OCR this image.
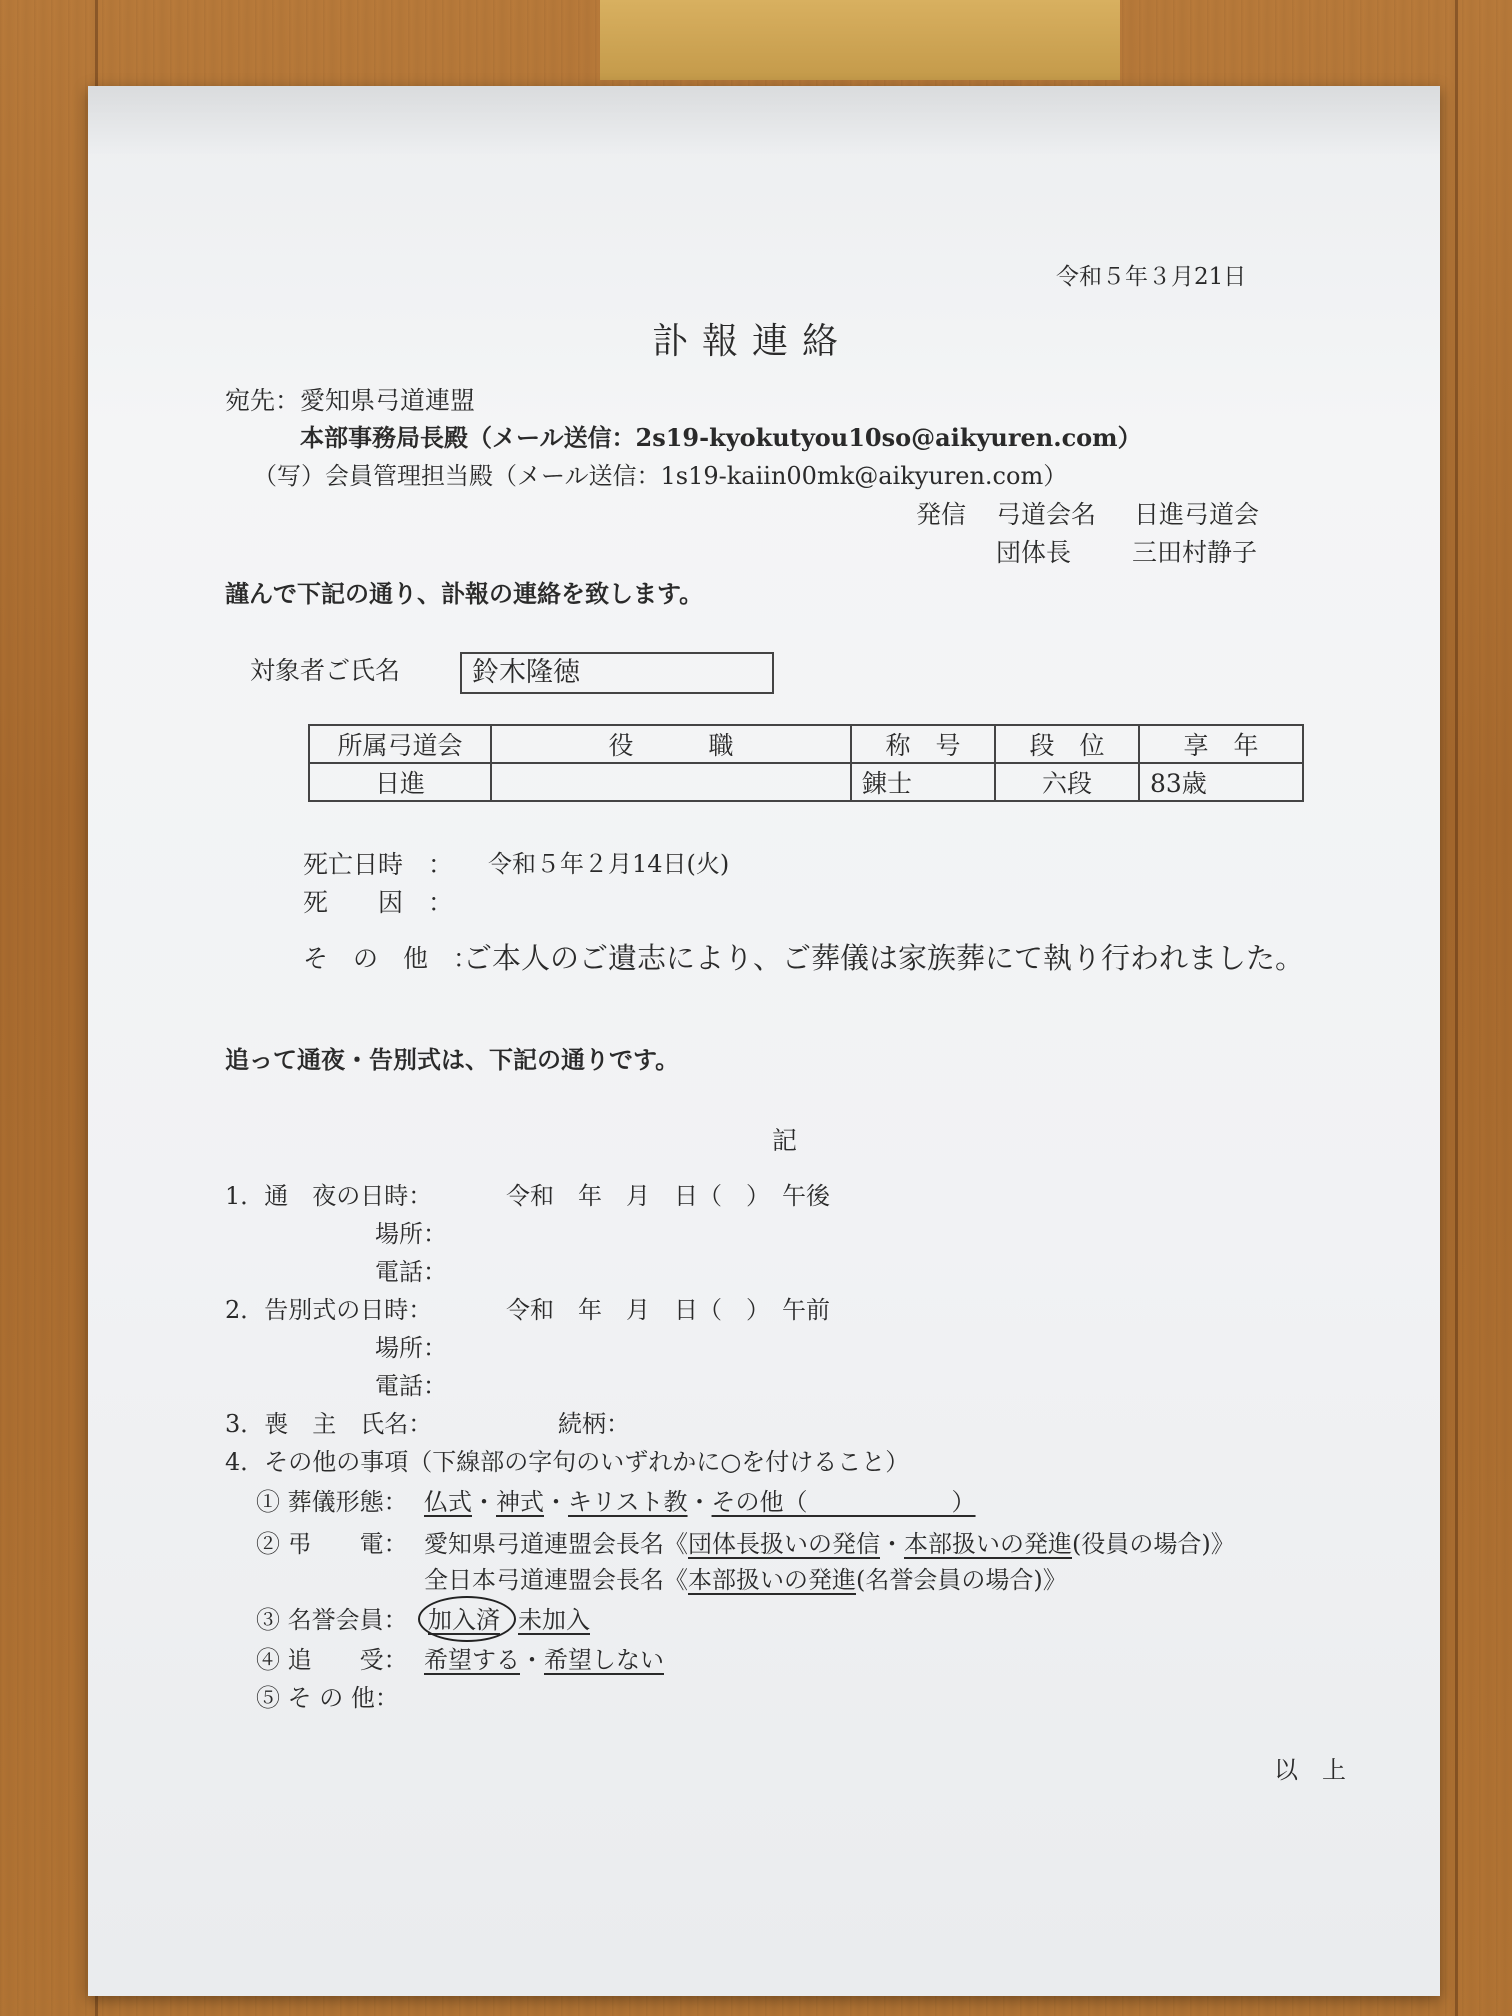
令和５年３月21日
訃報連絡
宛先：愛知県弓道連盟
本部事務局長殿（メール送信：2s19-kyokutyou10so@aikyuren.com）
（写）会員管理担当殿（メール送信：1s19-kaiin00mk@aikyuren.com）
発信 弓道会名 日進弓道会
団体長 三田村静子
謹んで下記の通り、訃報の連絡を致します。
対象者ご氏名	鈴木隆徳
所属弓道会	役　　　職	称　号	段　位	享　年
日進		錬士	六段	83歳
死亡日時　： 令和５年２月14日(火)
死　　因　：
そ　の　他　：
ご本人のご遺志により、ご葬儀は家族葬にて執り行われました。
追って通夜・告別式は、下記の通りです。
記
1．通　夜の日時：	令和　年　月　日（　）　午後
場所：
電話：
2．告別式の日時：	令和　年　月　日（　）　午前
場所：
電話：
3．喪　主　氏名：	続柄：
4．その他の事項（下線部の字句のいずれかに○を付けること）
① 葬儀形態： 仏式・神式・キリスト教・その他（　　　　　　）
② 弔　　電： 愛知県弓道連盟会長名《団体長扱いの発信・本部扱いの発進(役員の場合)》
全日本弓道連盟会長名《本部扱いの発進(名誉会員の場合)》
③ 名誉会員： 加入済 未加入
④ 追　　受： 希望する・希望しない
⑤ そ の 他：
以　上
